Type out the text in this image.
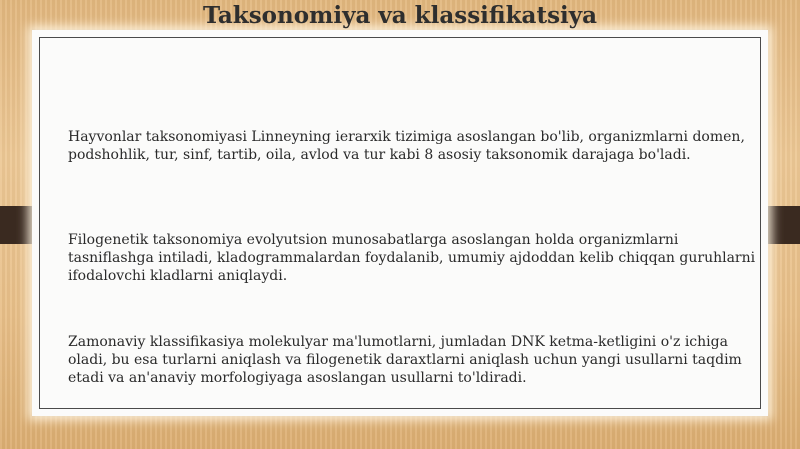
Taksonomiya va klassifikatsiya

Hayvonlar taksonomiyasi Linneyning ierarxik tizimiga asoslangan bo'lib, organizmlarni domen, podshohlik, tur, sinf, tartib, oila, avlod va tur kabi 8 asosiy taksonomik darajaga bo'ladi.

Filogenetik taksonomiya evolyutsion munosabatlarga asoslangan holda organizmlarni tasniflashga intiladi, kladogrammalardan foydalanib, umumiy ajdoddan kelib chiqqan guruhlarni ifodalovchi kladlarni aniqlaydi.

Zamonaviy klassifikasiya molekulyar ma'lumotlarni, jumladan DNK ketma-ketligini o'z ichiga oladi, bu esa turlarni aniqlash va filogenetik daraxtlarni aniqlash uchun yangi usullarni taqdim etadi va an'anaviy morfologiyaga asoslangan usullarni to'ldiradi.
